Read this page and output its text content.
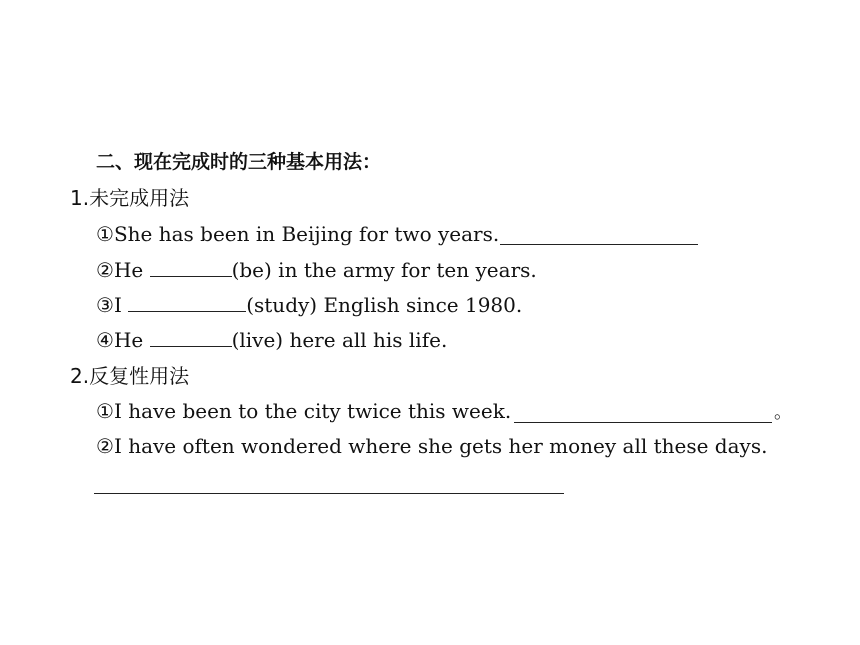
二、现在完成时的三种基本用法：
1.未完成用法
①She has been in Beijing for two years.
②He	(be) in the army for ten years.
③I	(study) English since 1980.
④He	(live) here all his life.
2.反复性用法
①I have been to the city twice this week.	。
②I have often wondered where she gets her money all these days.
